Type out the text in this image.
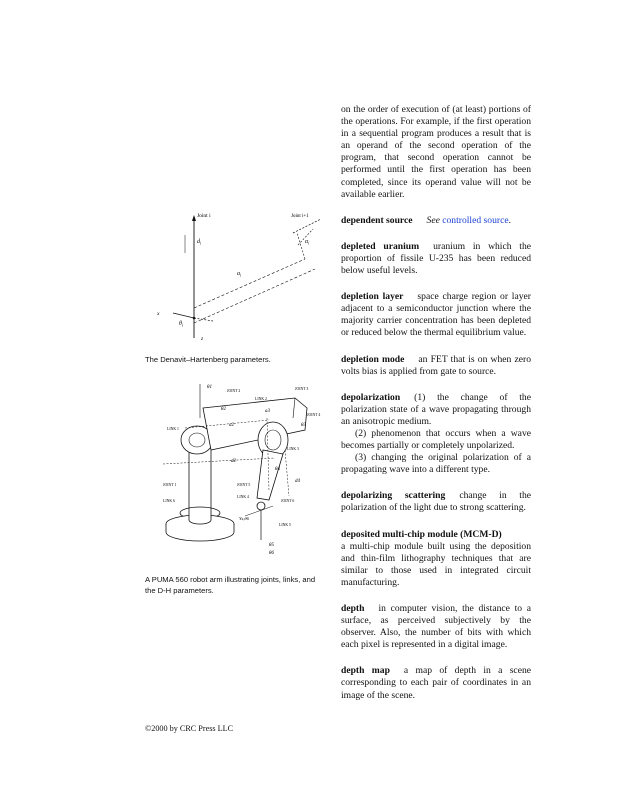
Joint i
$d_i$
Joint i+1
$\alpha_i$
$a_i$
x
$\theta_i$
z
The Denavit–Hartenberg parameters.
JOINT 2
LINK 2
JOINT 3
JOINT 4
LINK 1
LINK 3
JOINT 1
LINK 6
JOINT 5
LINK 4
JOINT 6
LINK 5
θ1
θ2
θ3
θ4
θ5
θ6
d2
d4
a2
a3
Ys,θ6
A PUMA 560 robot arm illustrating joints, links, and
the D-H parameters.

on the order of execution of (at least) portions of the operations. For example, if the first operation in a sequential program produces a result that is an operand of the second operation of the program, that second operation cannot be performed until the first operation has been completed, since its operand value will not be available earlier.

dependent source See controlled source.

depleted uranium uranium in which the proportion of fissile U-235 has been reduced below useful levels.

depletion layer space charge region or layer adjacent to a semiconductor junction where the majority carrier concentration has been depleted or reduced below the thermal equilibrium value.

depletion mode an FET that is on when zero volts bias is applied from gate to source.

depolarization (1) the change of the polarization state of a wave propagating through an anisotropic medium.

(2) phenomenon that occurs when a wave becomes partially or completely unpolarized.

(3) changing the original polarization of a propagating wave into a different type.

depolarizing scattering change in the polarization of the light due to strong scattering.

deposited multi-chip module (MCM-D)

a multi-chip module built using the deposition and thin-film lithography techniques that are similar to those used in integrated circuit manufacturing.

depth in computer vision, the distance to a surface, as perceived subjectively by the observer. Also, the number of bits with which each pixel is represented in a digital image.

depth map a map of depth in a scene corresponding to each pair of coordinates in an image of the scene.

©2000 by CRC Press LLC
